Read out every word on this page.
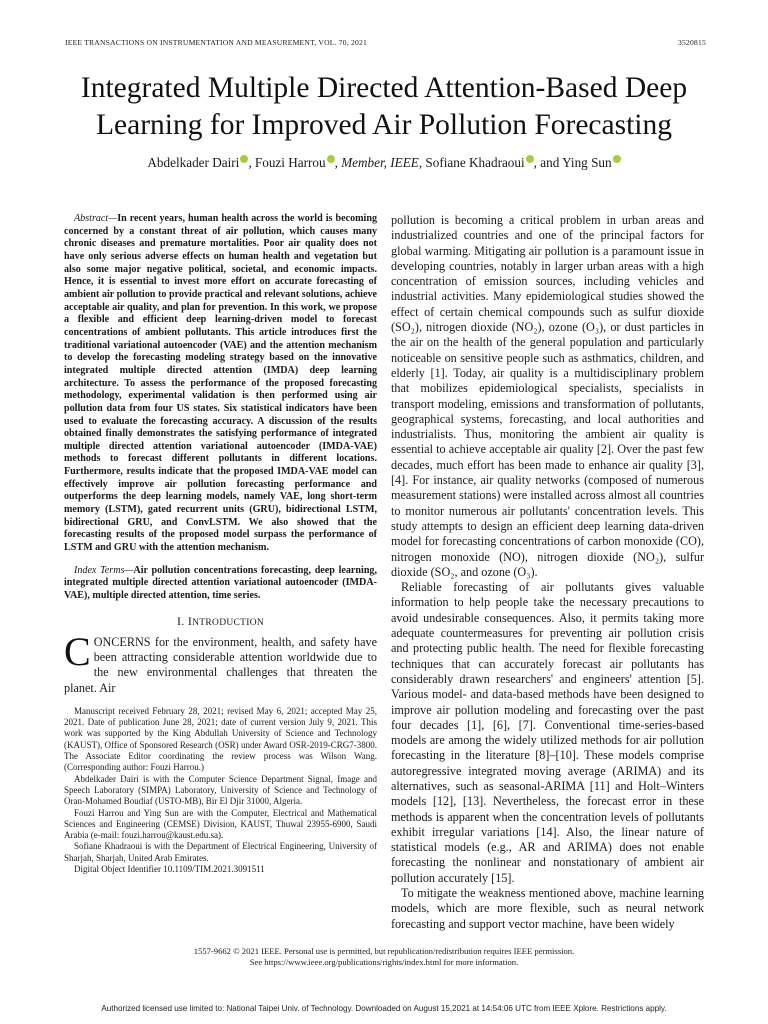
IEEE TRANSACTIONS ON INSTRUMENTATION AND MEASUREMENT, VOL. 70, 2021	3520815
Integrated Multiple Directed Attention-Based Deep
Learning for Improved Air Pollution Forecasting
Abdelkader Dairi , Fouzi Harrou , Member, IEEE, Sofiane Khadraoui , and Ying Sun

Abstract—In recent years, human health across the world is becoming concerned by a constant threat of air pollution, which causes many chronic diseases and premature mortalities. Poor air quality does not have only serious adverse effects on human health and vegetation but also some major negative political, societal, and economic impacts. Hence, it is essential to invest more effort on accurate forecasting of ambient air pollution to provide practical and relevant solutions, achieve acceptable air quality, and plan for prevention. In this work, we propose a flexible and efficient deep learning-driven model to forecast concentrations of ambient pollutants. This article introduces first the traditional variational autoencoder (VAE) and the attention mechanism to develop the forecasting modeling strategy based on the innovative integrated multiple directed attention (IMDA) deep learning architecture. To assess the performance of the proposed forecasting methodology, experimental validation is then performed using air pollution data from four US states. Six statistical indicators have been used to evaluate the forecasting accuracy. A discussion of the results obtained finally demonstrates the satisfying performance of integrated multiple directed attention variational autoencoder (IMDA-VAE) methods to forecast different pollutants in different locations. Furthermore, results indicate that the proposed IMDA-VAE model can effectively improve air pollution forecasting performance and outperforms the deep learning models, namely VAE, long short-term memory (LSTM), gated recurrent units (GRU), bidirectional LSTM, bidirectional GRU, and ConvLSTM. We also showed that the forecasting results of the proposed model surpass the performance of LSTM and GRU with the attention mechanism.

Index Terms—Air pollution concentrations forecasting, deep learning, integrated multiple directed attention variational autoencoder (IMDA-VAE), multiple directed attention, time series.

I. INTRODUCTION

CONCERNS for the environment, health, and safety have been attracting considerable attention worldwide due to the new environmental challenges that threaten the planet. Air

Manuscript received February 28, 2021; revised May 6, 2021; accepted May 25, 2021. Date of publication June 28, 2021; date of current version July 9, 2021. This work was supported by the King Abdullah University of Science and Technology (KAUST), Office of Sponsored Research (OSR) under Award OSR-2019-CRG7-3800. The Associate Editor coordinating the review process was Wilson Wang. (Corresponding author: Fouzi Harrou.)

Abdelkader Dairi is with the Computer Science Department Signal, Image and Speech Laboratory (SIMPA) Laboratory, University of Science and Technology of Oran-Mohamed Boudiaf (USTO-MB), Bir El Djir 31000, Algeria.

Fouzi Harrou and Ying Sun are with the Computer, Electrical and Mathematical Sciences and Engineering (CEMSE) Division, KAUST, Thuwal 23955-6900, Saudi Arabia (e-mail: fouzi.harrou@kaust.edu.sa).

Sofiane Khadraoui is with the Department of Electrical Engineering, University of Sharjah, Sharjah, United Arab Emirates.

Digital Object Identifier 10.1109/TIM.2021.3091511

pollution is becoming a critical problem in urban areas and industrialized countries and one of the principal factors for global warming. Mitigating air pollution is a paramount issue in developing countries, notably in larger urban areas with a high concentration of emission sources, including vehicles and industrial activities. Many epidemiological studies showed the effect of certain chemical compounds such as sulfur dioxide (SO₂), nitrogen dioxide (NO₂), ozone (O₃), or dust particles in the air on the health of the general population and particularly noticeable on sensitive people such as asthmatics, children, and elderly [1]. Today, air quality is a multidisciplinary problem that mobilizes epidemiological specialists, specialists in transport modeling, emissions and transformation of pollutants, geographical systems, forecasting, and local authorities and industrialists. Thus, monitoring the ambient air quality is essential to achieve acceptable air quality [2]. Over the past few decades, much effort has been made to enhance air quality [3], [4]. For instance, air quality networks (composed of numerous measurement stations) were installed across almost all countries to monitor numerous air pollutants' concentration levels. This study attempts to design an efficient deep learning data-driven model for forecasting concentrations of carbon monoxide (CO), nitrogen monoxide (NO), nitrogen dioxide (NO₂), sulfur dioxide (SO₂, and ozone (O₃).

Reliable forecasting of air pollutants gives valuable information to help people take the necessary precautions to avoid undesirable consequences. Also, it permits taking more adequate countermeasures for preventing air pollution crisis and protecting public health. The need for flexible forecasting techniques that can accurately forecast air pollutants has considerably drawn researchers' and engineers' attention [5]. Various model- and data-based methods have been designed to improve air pollution modeling and forecasting over the past four decades [1], [6], [7]. Conventional time-series-based models are among the widely utilized methods for air pollution forecasting in the literature [8]–[10]. These models comprise autoregressive integrated moving average (ARIMA) and its alternatives, such as seasonal-ARIMA [11] and Holt–Winters models [12], [13]. Nevertheless, the forecast error in these methods is apparent when the concentration levels of pollutants exhibit irregular variations [14]. Also, the linear nature of statistical models (e.g., AR and ARIMA) does not enable forecasting the nonlinear and nonstationary of ambient air pollution accurately [15].

To mitigate the weakness mentioned above, machine learning models, which are more flexible, such as neural network forecasting and support vector machine, have been widely

1557-9662 © 2021 IEEE. Personal use is permitted, but republication/redistribution requires IEEE permission.
See https://www.ieee.org/publications/rights/index.html for more information.
Authorized licensed use limited to: National Taipei Univ. of Technology. Downloaded on August 15,2021 at 14:54:06 UTC from IEEE Xplore. Restrictions apply.
